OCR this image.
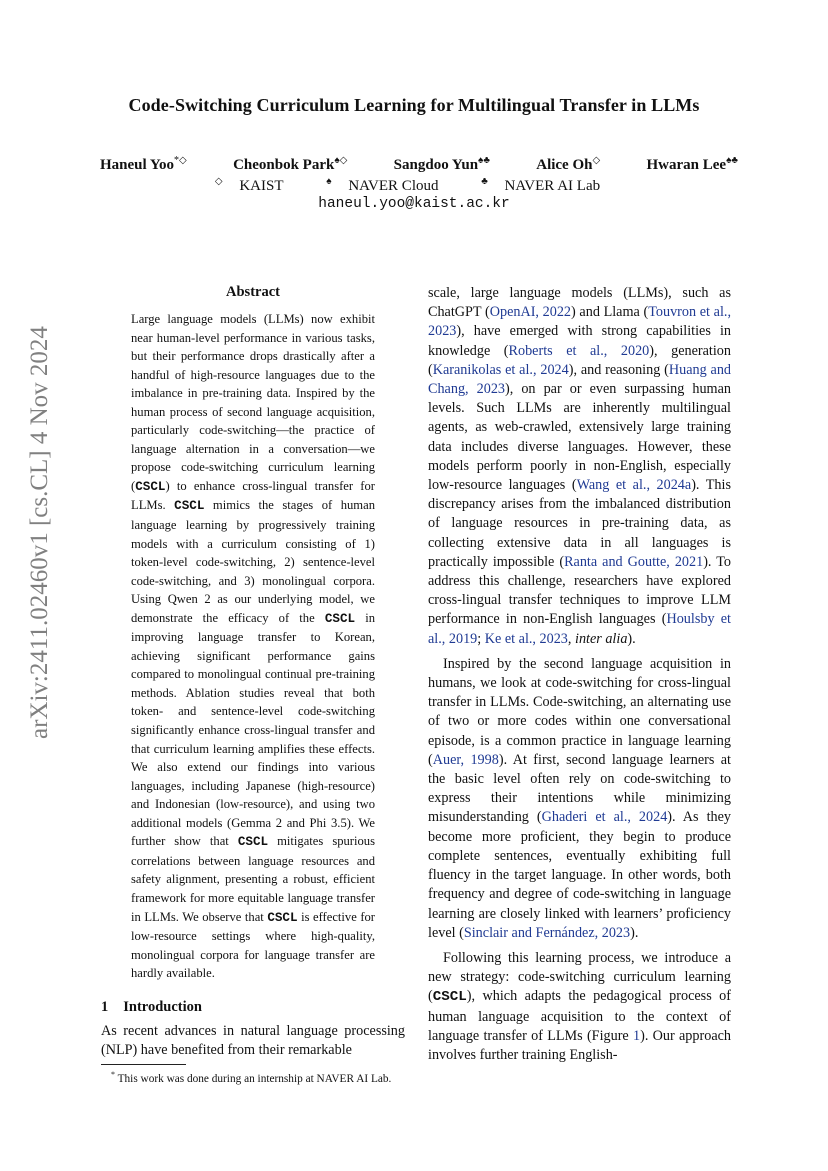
Code-Switching Curriculum Learning for Multilingual Transfer in LLMs
Haneul Yoo*◇	Cheonbok Park♠◇	Sangdoo Yun♠♣	Alice Oh◇	Hwaran Lee♠♣
◇ KAIST	♠ NAVER Cloud	♣ NAVER AI Lab
haneul.yoo@kaist.ac.kr
arXiv:2411.02460v1 [cs.CL] 4 Nov 2024
Abstract

Large language models (LLMs) now exhibit near human-level performance in various tasks, but their performance drops drastically after a handful of high-resource languages due to the imbalance in pre-training data. Inspired by the human process of second language acquisition, particularly code-switching—the practice of language alternation in a conversation—we propose code-switching curriculum learning (CSCL) to enhance cross-lingual transfer for LLMs. CSCL mimics the stages of human language learning by progressively training models with a curriculum consisting of 1) token-level code-switching, 2) sentence-level code-switching, and 3) monolingual corpora. Using Qwen 2 as our underlying model, we demonstrate the efficacy of the CSCL in improving language transfer to Korean, achieving significant performance gains compared to monolingual continual pre-training methods. Ablation studies reveal that both token- and sentence-level code-switching significantly enhance cross-lingual transfer and that curriculum learning amplifies these effects. We also extend our findings into various languages, including Japanese (high-resource) and Indonesian (low-resource), and using two additional models (Gemma 2 and Phi 3.5). We further show that CSCL mitigates spurious correlations between language resources and safety alignment, presenting a robust, efficient framework for more equitable language transfer in LLMs. We observe that CSCL is effective for low-resource settings where high-quality, monolingual corpora for language transfer are hardly available.

1 Introduction

As recent advances in natural language processing (NLP) have benefited from their remarkable

* This work was done during an internship at NAVER AI Lab.

scale, large language models (LLMs), such as ChatGPT (OpenAI, 2022) and Llama (Touvron et al., 2023), have emerged with strong capabilities in knowledge (Roberts et al., 2020), generation (Karanikolas et al., 2024), and reasoning (Huang and Chang, 2023), on par or even surpassing human levels. Such LLMs are inherently multilingual agents, as web-crawled, extensively large training data includes diverse languages. However, these models perform poorly in non-English, especially low-resource languages (Wang et al., 2024a). This discrepancy arises from the imbalanced distribution of language resources in pre-training data, as collecting extensive data in all languages is practically impossible (Ranta and Goutte, 2021). To address this challenge, researchers have explored cross-lingual transfer techniques to improve LLM performance in non-English languages (Houlsby et al., 2019; Ke et al., 2023, inter alia).

Inspired by the second language acquisition in humans, we look at code-switching for cross-lingual transfer in LLMs. Code-switching, an alternating use of two or more codes within one conversational episode, is a common practice in language learning (Auer, 1998). At first, second language learners at the basic level often rely on code-switching to express their intentions while minimizing misunderstanding (Ghaderi et al., 2024). As they become more proficient, they begin to produce complete sentences, eventually exhibiting full fluency in the target language. In other words, both frequency and degree of code-switching in language learning are closely linked with learners’ proficiency level (Sinclair and Fernández, 2023).

Following this learning process, we introduce a new strategy: code-switching curriculum learning (CSCL), which adapts the pedagogical process of human language acquisition to the context of language transfer of LLMs (Figure 1). Our approach involves further training English-
